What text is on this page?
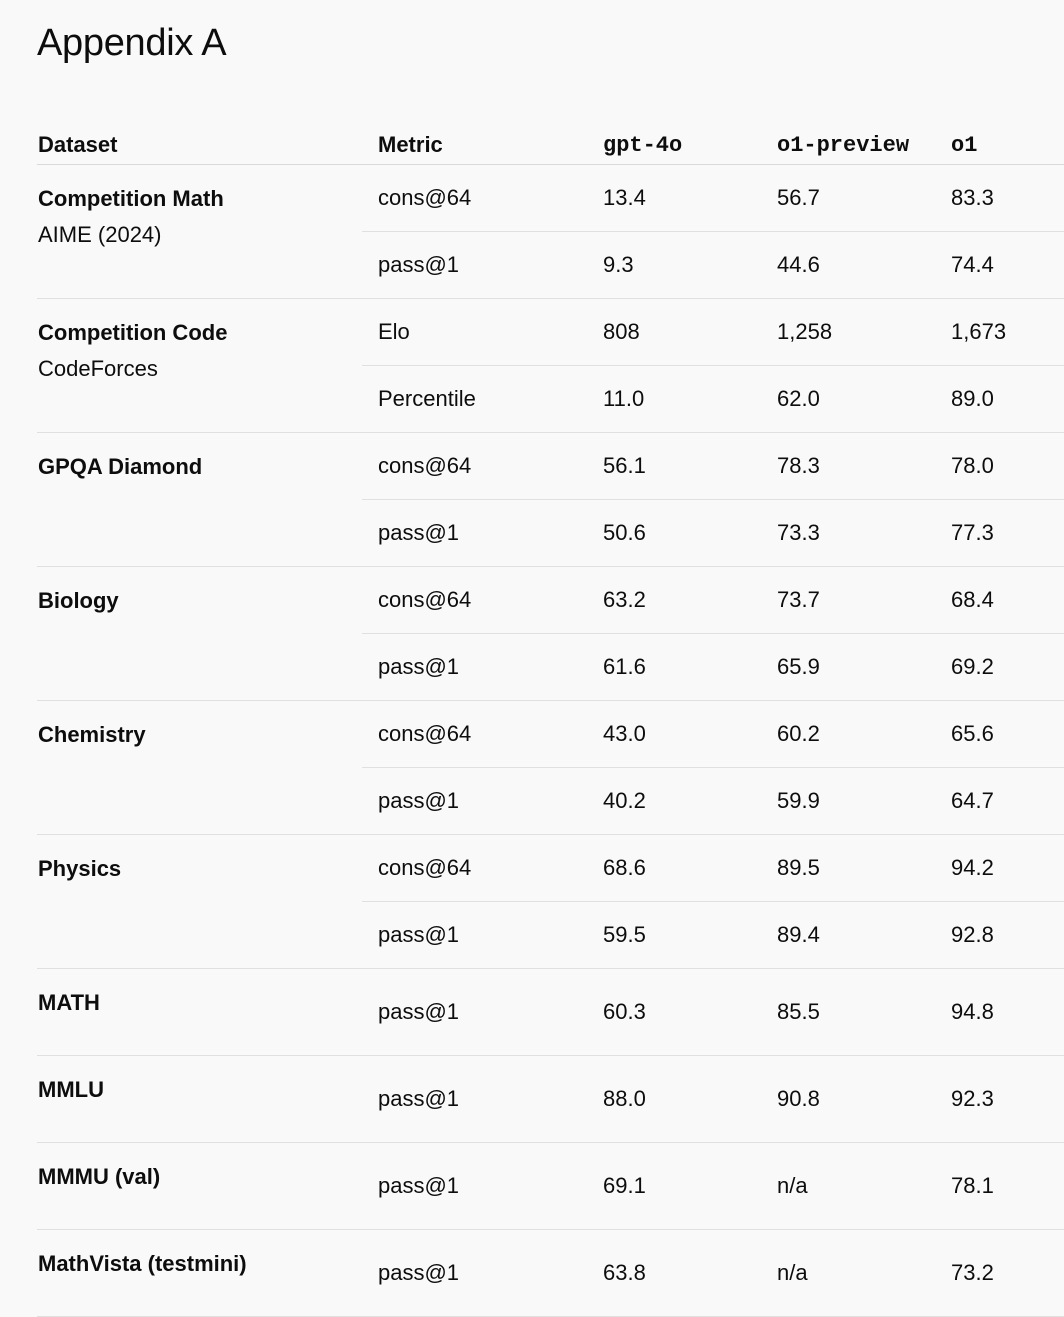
Appendix A
Dataset	Metric	gpt-4o	o1-preview	o1

Competition Math
AIME (2024)	cons@64	13.4	56.7	83.3
	pass@1	9.3	44.6	74.4

Competition Code
CodeForces	Elo	808	1,258	1,673
	Percentile	11.0	62.0	89.0

GPQA Diamond	cons@64	56.1	78.3	78.0
	pass@1	50.6	73.3	77.3

Biology	cons@64	63.2	73.7	68.4
	pass@1	61.6	65.9	69.2

Chemistry	cons@64	43.0	60.2	65.6
	pass@1	40.2	59.9	64.7

Physics	cons@64	68.6	89.5	94.2
	pass@1	59.5	89.4	92.8

MATH	pass@1	60.3	85.5	94.8

MMLU	pass@1	88.0	90.8	92.3

MMMU (val)	pass@1	69.1	n/a	78.1

MathVista (testmini)	pass@1	63.8	n/a	73.2
